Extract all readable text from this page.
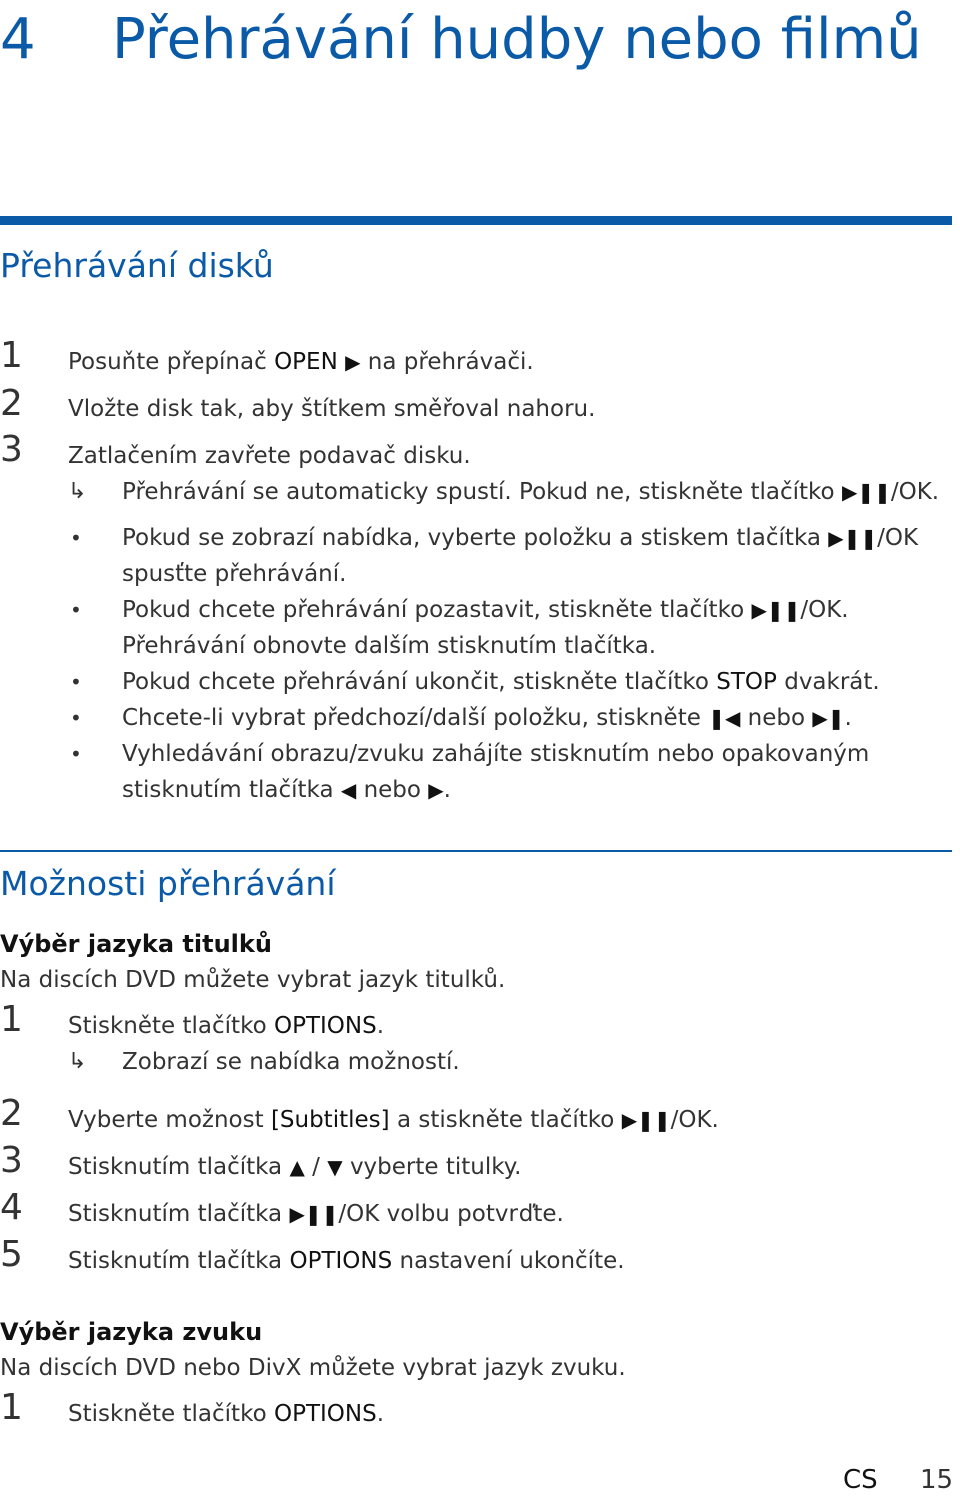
4 Přehrávání hudby nebo filmů
Přehrávání disků
1 Posuňte přepínač OPEN ▶ na přehrávači.
2 Vložte disk tak, aby štítkem směřoval nahoru.
3 Zatlačením zavřete podavač disku.
↳ Přehrávání se automaticky spustí. Pokud ne, stiskněte tlačítko ▶❚❚/OK.
• Pokud se zobrazí nabídka, vyberte položku a stiskem tlačítka ▶❚❚/OK
spusťte přehrávání.
• Pokud chcete přehrávání pozastavit, stiskněte tlačítko ▶❚❚/OK.
Přehrávání obnovte dalším stisknutím tlačítka.
• Pokud chcete přehrávání ukončit, stiskněte tlačítko STOP dvakrát.
• Chcete-li vybrat předchozí/další položku, stiskněte ❚◀ nebo ▶❚.
• Vyhledávání obrazu/zvuku zahájíte stisknutím nebo opakovaným
stisknutím tlačítka ◀ nebo ▶.
Možnosti přehrávání
Výběr jazyka titulků
Na discích DVD můžete vybrat jazyk titulků.
1 Stiskněte tlačítko OPTIONS.
↳ Zobrazí se nabídka možností.
2 Vyberte možnost [Subtitles] a stiskněte tlačítko ▶❚❚/OK.
3 Stisknutím tlačítka ▲ / ▼ vyberte titulky.
4 Stisknutím tlačítka ▶❚❚/OK volbu potvrďte.
5 Stisknutím tlačítka OPTIONS nastavení ukončíte.
Výběr jazyka zvuku
Na discích DVD nebo DivX můžete vybrat jazyk zvuku.
1 Stiskněte tlačítko OPTIONS.
CS 15
